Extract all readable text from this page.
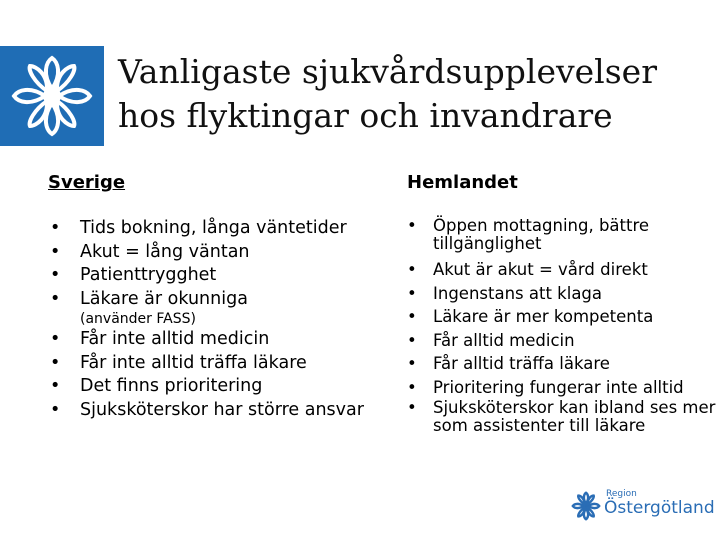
Vanligaste sjukvårdsupplevelser
hos flyktingar och invandrare
Sverige	Hemlandet
• Tids bokning, långa väntetider
• Akut = lång väntan
• Patienttrygghet
• Läkare är okunniga
(använder FASS)
• Får inte alltid medicin
• Får inte alltid träffa läkare
• Det finns prioritering
• Sjuksköterskor har större ansvar
• Öppen mottagning, bättre tillgänglighet
• Akut är akut = vård direkt
• Ingenstans att klaga
• Läkare är mer kompetenta
• Får alltid medicin
• Får alltid träffa läkare
• Prioritering fungerar inte alltid
• Sjuksköterskor kan ibland ses mer som assistenter till läkare
Region
Östergötland
